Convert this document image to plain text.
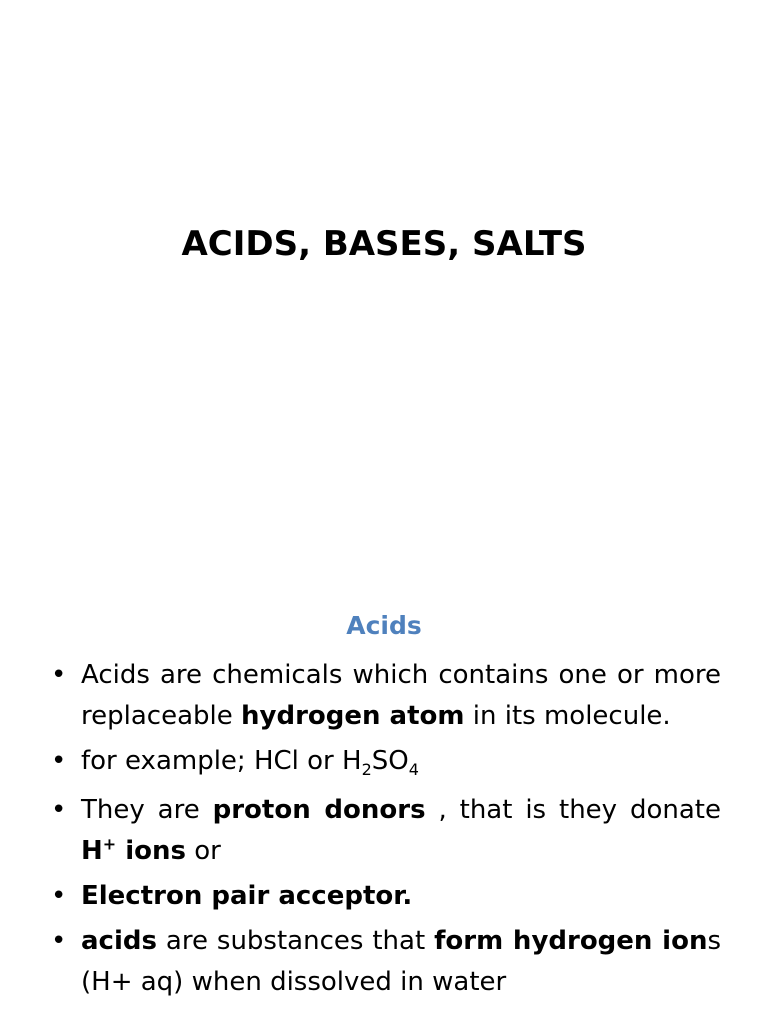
ACIDS, BASES, SALTS
Acids
• Acids are chemicals which contains one or more replaceable hydrogen atom in its molecule.
• for example; HCl or $H_2SO_4$
• They are proton donors , that is they donate H+ ions or
• Electron pair acceptor.
• acids are substances that form hydrogen ions (H+ aq) when dissolved in water
